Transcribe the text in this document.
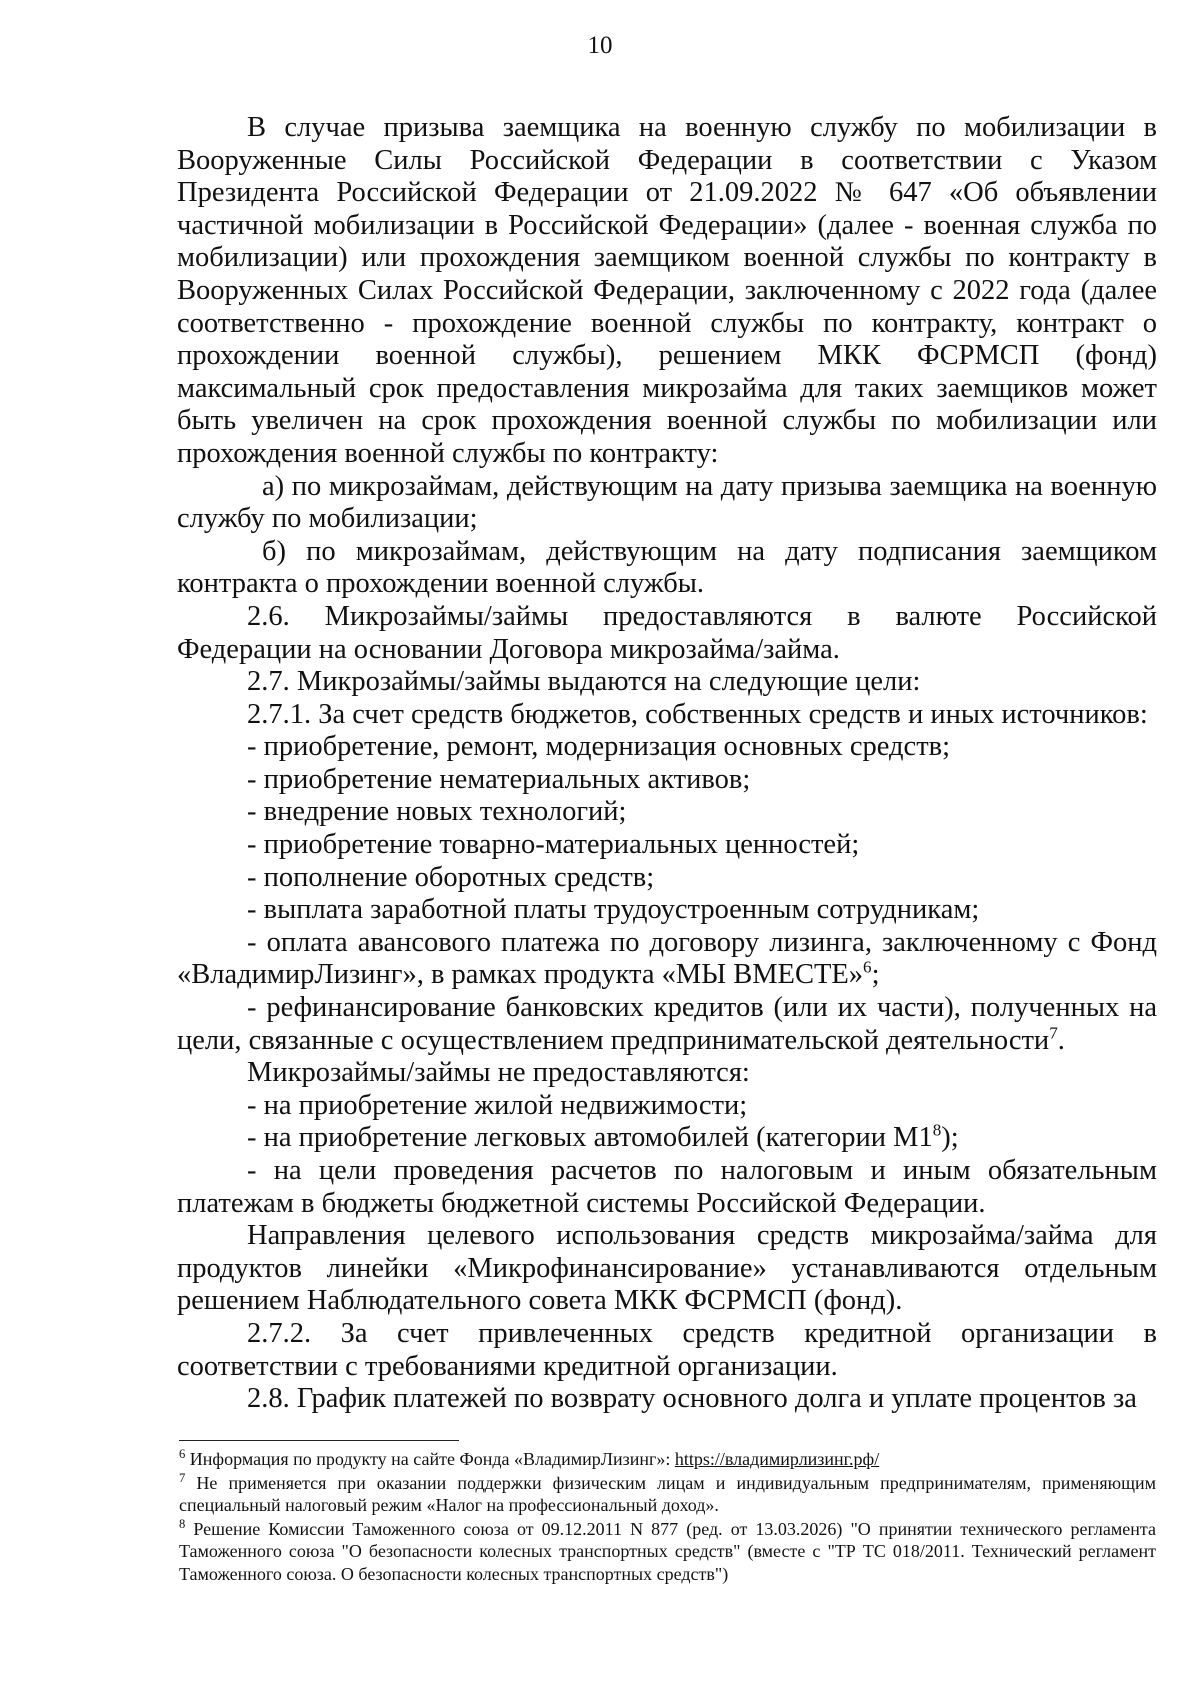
10

В случае призыва заемщика на военную службу по мобилизации в Вооруженные Силы Российской Федерации в соответствии с Указом Президента Российской Федерации от 21.09.2022 № 647 «Об объявлении частичной мобилизации в Российской Федерации» (далее - военная служба по мобилизации) или прохождения заемщиком военной службы по контракту в Вооруженных Силах Российской Федерации, заключенному с 2022 года (далее соответственно - прохождение военной службы по контракту, контракт о прохождении военной службы), решением МКК ФСРМСП (фонд) максимальный срок предоставления микрозайма для таких заемщиков может быть увеличен на срок прохождения военной службы по мобилизации или прохождения военной службы по контракту:

а) по микрозаймам, действующим на дату призыва заемщика на военную службу по мобилизации;

б) по микрозаймам, действующим на дату подписания заемщиком контракта о прохождении военной службы.

2.6. Микрозаймы/займы предоставляются в валюте Российской Федерации на основании Договора микрозайма/займа.

2.7. Микрозаймы/займы выдаются на следующие цели:

2.7.1. За счет средств бюджетов, собственных средств и иных источников:

- приобретение, ремонт, модернизация основных средств;

- приобретение нематериальных активов;

- внедрение новых технологий;

- приобретение товарно-материальных ценностей;

- пополнение оборотных средств;

- выплата заработной платы трудоустроенным сотрудникам;

- оплата авансового платежа по договору лизинга, заключенному с Фонд «ВладимирЛизинг», в рамках продукта «МЫ ВМЕСТЕ»$^6$;

- рефинансирование банковских кредитов (или их части), полученных на цели, связанные с осуществлением предпринимательской деятельности$^7$.

Микрозаймы/займы не предоставляются:

- на приобретение жилой недвижимости;

- на приобретение легковых автомобилей (категории $М1^8$);

- на цели проведения расчетов по налоговым и иным обязательным платежам в бюджеты бюджетной системы Российской Федерации.

Направления целевого использования средств микрозайма/займа для продуктов линейки «Микрофинансирование» устанавливаются отдельным решением Наблюдательного совета МКК ФСРМСП (фонд).

2.7.2. За счет привлеченных средств кредитной организации в соответствии с требованиями кредитной организации.

2.8. График платежей по возврату основного долга и уплате процентов за

$^6$ Информация по продукту на сайте Фонда «ВладимирЛизинг»: https://владимирлизинг.рф/

$^7$ Не применяется при оказании поддержки физическим лицам и индивидуальным предпринимателям, применяющим специальный налоговый режим «Налог на профессиональный доход».

$^8$ Решение Комиссии Таможенного союза от 09.12.2011 N 877 (ред. от 13.03.2026) "О принятии технического регламента Таможенного союза "О безопасности колесных транспортных средств" (вместе с "ТР ТС 018/2011. Технический регламент Таможенного союза. О безопасности колесных транспортных средств")
